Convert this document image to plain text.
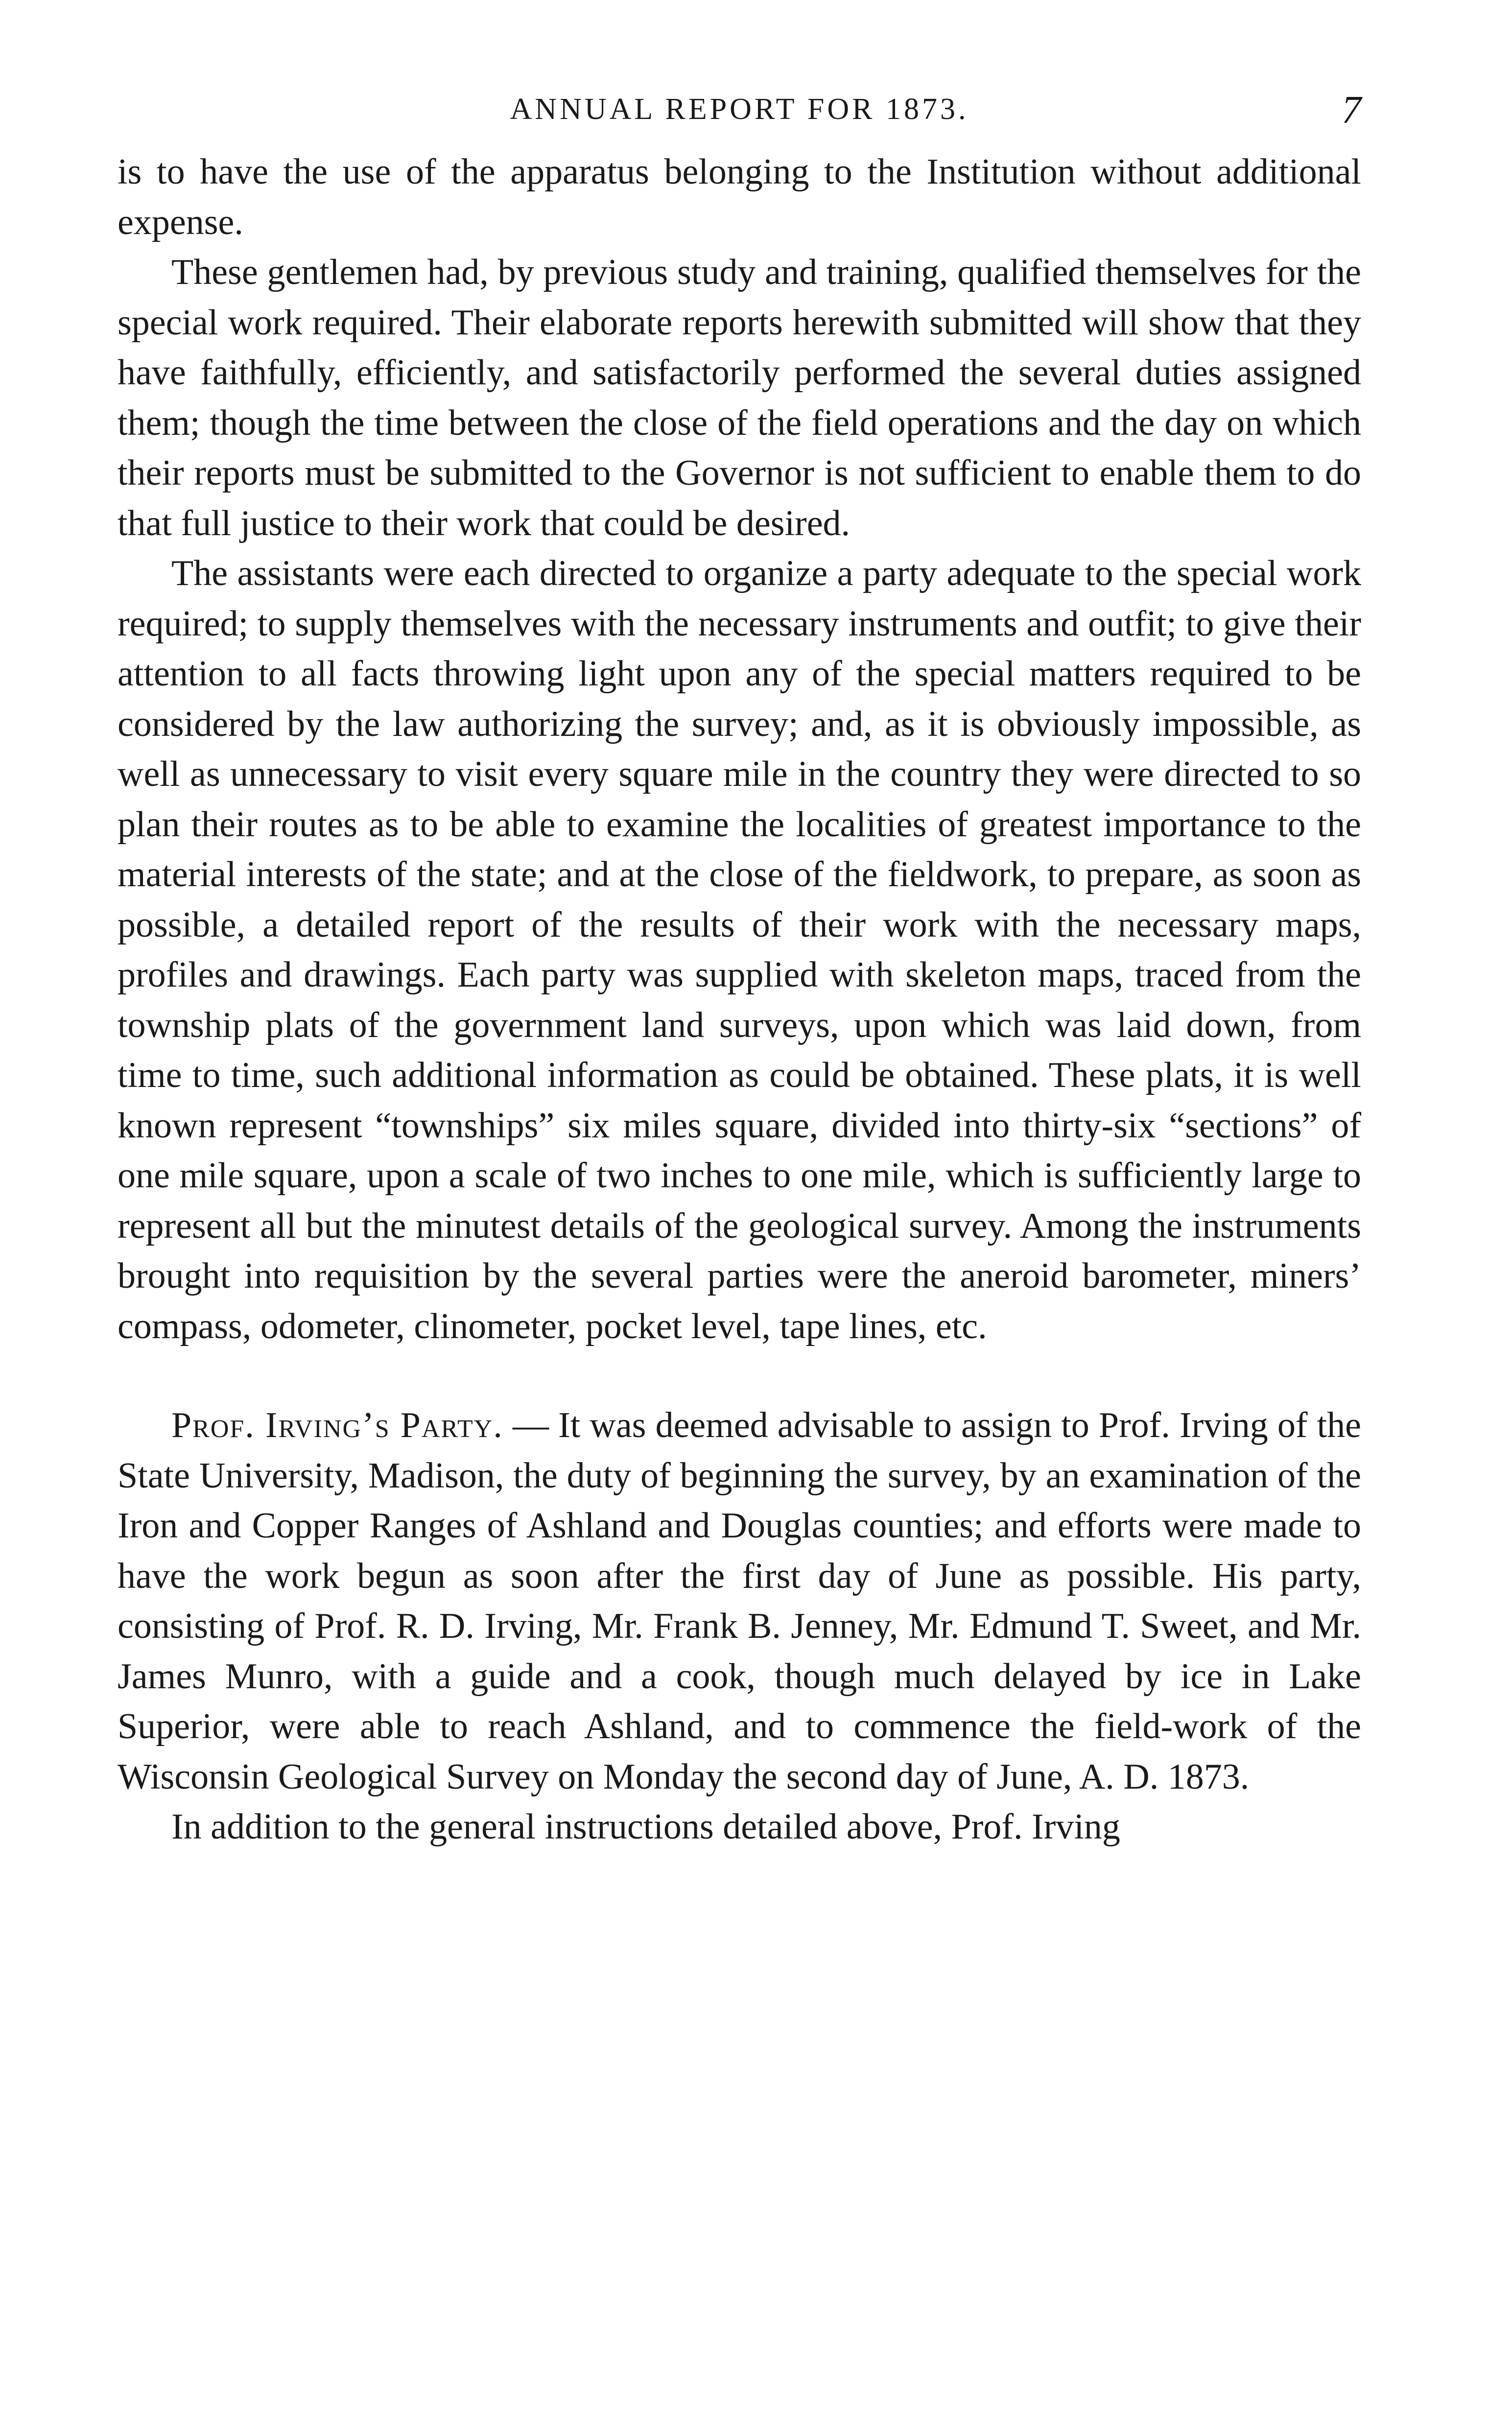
ANNUAL REPORT FOR 1873.	7

is to have the use of the apparatus belonging to the Institution without additional expense.

These gentlemen had, by previous study and training, qualified themselves for the special work required. Their elaborate reports herewith submitted will show that they have faithfully, efficiently, and satisfactorily performed the several duties assigned them; though the time between the close of the field operations and the day on which their reports must be submitted to the Governor is not sufficient to enable them to do that full justice to their work that could be desired.

The assistants were each directed to organize a party adequate to the special work required; to supply themselves with the necessary instruments and outfit; to give their attention to all facts throwing light upon any of the special matters required to be considered by the law authorizing the survey; and, as it is obviously impossible, as well as unnecessary to visit every square mile in the country they were directed to so plan their routes as to be able to examine the localities of greatest importance to the material interests of the state; and at the close of the fieldwork, to prepare, as soon as possible, a detailed report of the results of their work with the necessary maps, profiles and drawings. Each party was supplied with skeleton maps, traced from the township plats of the government land surveys, upon which was laid down, from time to time, such additional information as could be obtained. These plats, it is well known represent “townships” six miles square, divided into thirty-six “sections” of one mile square, upon a scale of two inches to one mile, which is sufficiently large to represent all but the minutest details of the geological survey. Among the instruments brought into requisition by the several parties were the aneroid barometer, miners’ compass, odometer, clinometer, pocket level, tape lines, etc.

Prof. Irving’s Party. — It was deemed advisable to assign to Prof. Irving of the State University, Madison, the duty of beginning the survey, by an examination of the Iron and Copper Ranges of Ashland and Douglas counties; and efforts were made to have the work begun as soon after the first day of June as possible. His party, consisting of Prof. R. D. Irving, Mr. Frank B. Jenney, Mr. Edmund T. Sweet, and Mr. James Munro, with a guide and a cook, though much delayed by ice in Lake Superior, were able to reach Ashland, and to commence the field-work of the Wisconsin Geological Survey on Monday the second day of June, A. D. 1873.

In addition to the general instructions detailed above, Prof. Irving
